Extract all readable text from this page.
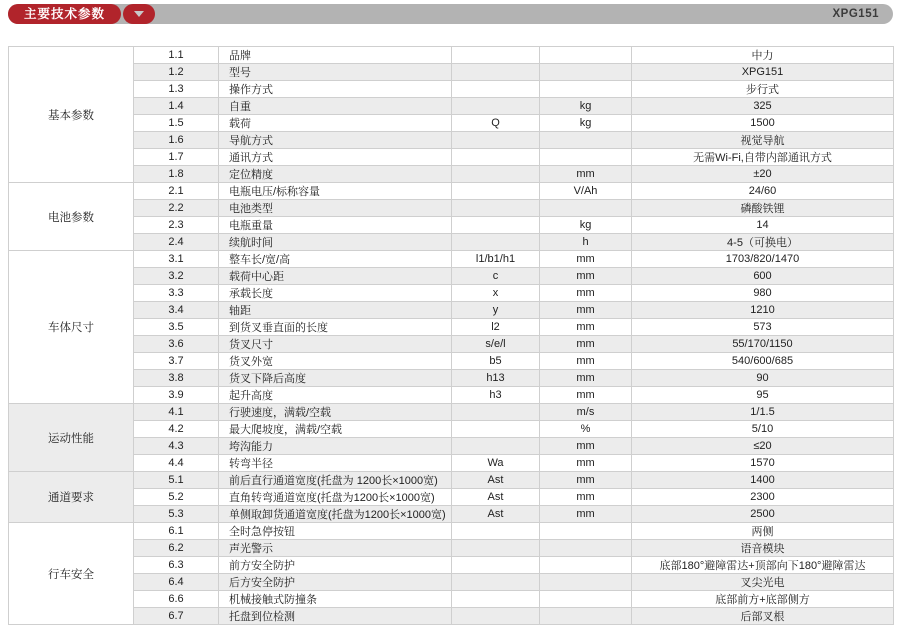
主要技术参数	XPG151
基本参数	1.1	品牌			中力
	1.2	型号			XPG151
	1.3	操作方式			步行式
	1.4	自重		kg	325
	1.5	载荷	Q	kg	1500
	1.6	导航方式			视觉导航
	1.7	通讯方式			无需Wi-Fi,自带内部通讯方式
	1.8	定位精度		mm	±20
电池参数	2.1	电瓶电压/标称容量		V/Ah	24/60
	2.2	电池类型			磷酸铁锂
	2.3	电瓶重量		kg	14
	2.4	续航时间		h	4-5（可换电）
车体尺寸	3.1	整车长/宽/高	l1/b1/h1	mm	1703/820/1470
	3.2	载荷中心距	c	mm	600
	3.3	承载长度	x	mm	980
	3.4	轴距	y	mm	1210
	3.5	到货叉垂直面的长度	l2	mm	573
	3.6	货叉尺寸	s/e/l	mm	55/170/1150
	3.7	货叉外宽	b5	mm	540/600/685
	3.8	货叉下降后高度	h13	mm	90
	3.9	起升高度	h3	mm	95
运动性能	4.1	行驶速度，满载/空载		m/s	1/1.5
	4.2	最大爬坡度，满载/空载		%	5/10
	4.3	垮沟能力		mm	≤20
	4.4	转弯半径	Wa	mm	1570
通道要求	5.1	前后直行通道宽度(托盘为 1200长×1000宽)	Ast	mm	1400
	5.2	直角转弯通道宽度(托盘为1200长×1000宽)	Ast	mm	2300
	5.3	单侧取卸货通道宽度(托盘为1200长×1000宽)	Ast	mm	2500
行车安全	6.1	全时急停按钮			两侧
	6.2	声光警示			语音模块
	6.3	前方安全防护			底部180°避障雷达+顶部向下180°避障雷达
	6.4	后方安全防护			叉尖光电
	6.6	机械接触式防撞条			底部前方+底部侧方
	6.7	托盘到位检测			后部叉根
